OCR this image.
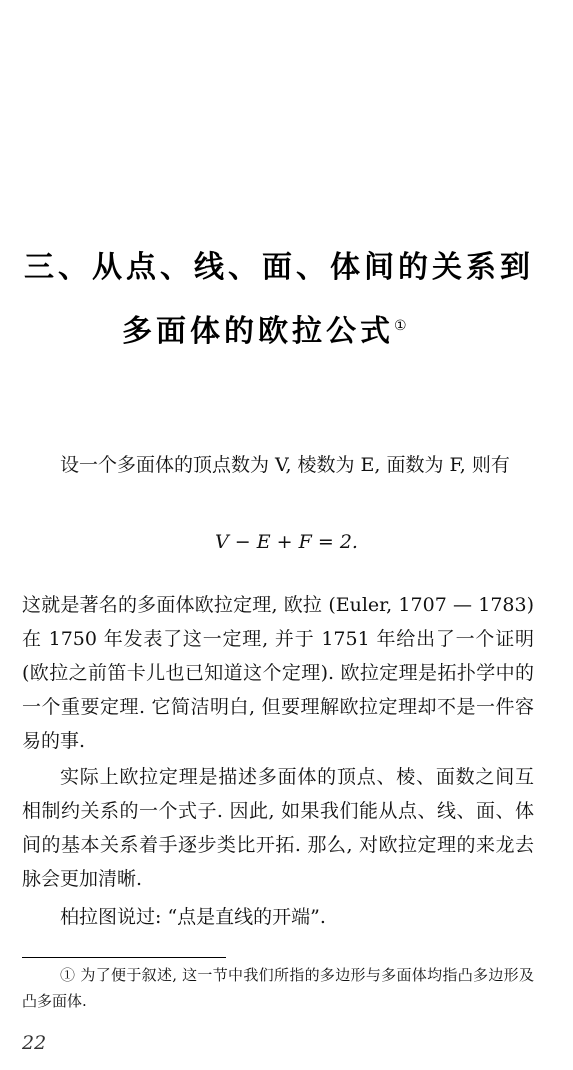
三、从点、线、面、体间的关系到
多面体的欧拉公式①
设一个多面体的顶点数为 V, 棱数为 E, 面数为 F, 则有
V − E + F = 2.
这就是著名的多面体欧拉定理, 欧拉 (Euler, 1707 — 1783) 在 1750 年发表了这一定理, 并于 1751 年给出了一个证明 (欧拉之前笛卡儿也已知道这个定理). 欧拉定理是拓扑学中的一个重要定理. 它简洁明白, 但要理解欧拉定理却不是一件容易的事.
实际上欧拉定理是描述多面体的顶点、棱、面数之间互相制约关系的一个式子. 因此, 如果我们能从点、线、面、体间的基本关系着手逐步类比开拓. 那么, 对欧拉定理的来龙去脉会更加清晰.
柏拉图说过: “点是直线的开端”.
① 为了便于叙述, 这一节中我们所指的多边形与多面体均指凸多边形及凸多面体.
22
